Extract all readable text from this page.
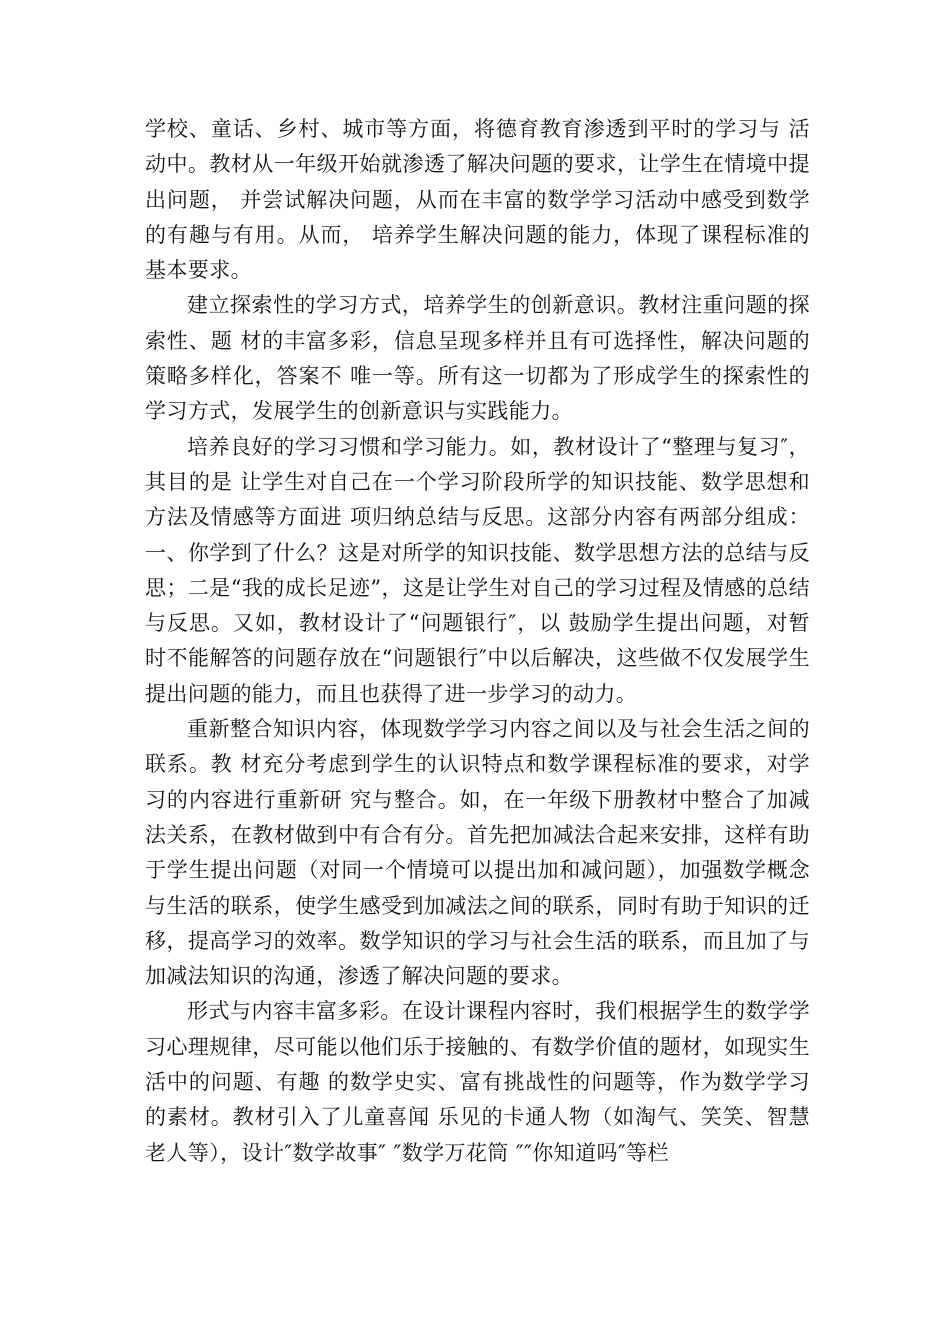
学校、童话、乡村、城市等方面，将德育教育渗透到平时的学习与 活动中。教材从一年级开始就渗透了解决问题的要求，让学生在情境中提出问题， 并尝试解决问题，从而在丰富的数学学习活动中感受到数学的有趣与有用。从而， 培养学生解决问题的能力，体现了课程标准的基本要求。

建立探索性的学习方式，培养学生的创新意识。教材注重问题的探索性、题 材的丰富多彩，信息呈现多样并且有可选择性，解决问题的策略多样化，答案不 唯一等。所有这一切都为了形成学生的探索性的学习方式，发展学生的创新意识与实践能力。

培养良好的学习习惯和学习能力。如，教材设计了“整理与复习″，其目的是 让学生对自己在一个学习阶段所学的知识技能、数学思想和方法及情感等方面进 项归纳总结与反思。这部分内容有两部分组成：一、你学到了什么？这是对所学的知识技能、数学思想方法的总结与反思；二是“我的成长足迹”，这是让学生对自己的学习过程及情感的总结与反思。又如，教材设计了“问题银行″，以 鼓励学生提出问题，对暂时不能解答的问题存放在“问题银行″中以后解决，这些做不仅发展学生提出问题的能力，而且也获得了进一步学习的动力。

重新整合知识内容，体现数学学习内容之间以及与社会生活之间的联系。教 材充分考虑到学生的认识特点和数学课程标准的要求，对学习的内容进行重新研 究与整合。如，在一年级下册教材中整合了加减法关系，在教材做到中有合有分。首先把加减法合起来安排，这样有助于学生提出问题（对同一个情境可以提出加和减问题），加强数学概念与生活的联系，使学生感受到加减法之间的联系，同时有助于知识的迁移，提高学习的效率。数学知识的学习与社会生活的联系，而且加了与加减法知识的沟通，渗透了解决问题的要求。

形式与内容丰富多彩。在设计课程内容时，我们根据学生的数学学习心理规律，尽可能以他们乐于接触的、有数学价值的题材，如现实生活中的问题、有趣 的数学史实、富有挑战性的问题等，作为数学学习的素材。教材引入了儿童喜闻 乐见的卡通人物（如淘气、笑笑、智慧老人等），设计″数学故事″ ″数学万花筒 ″″你知道吗″等栏
